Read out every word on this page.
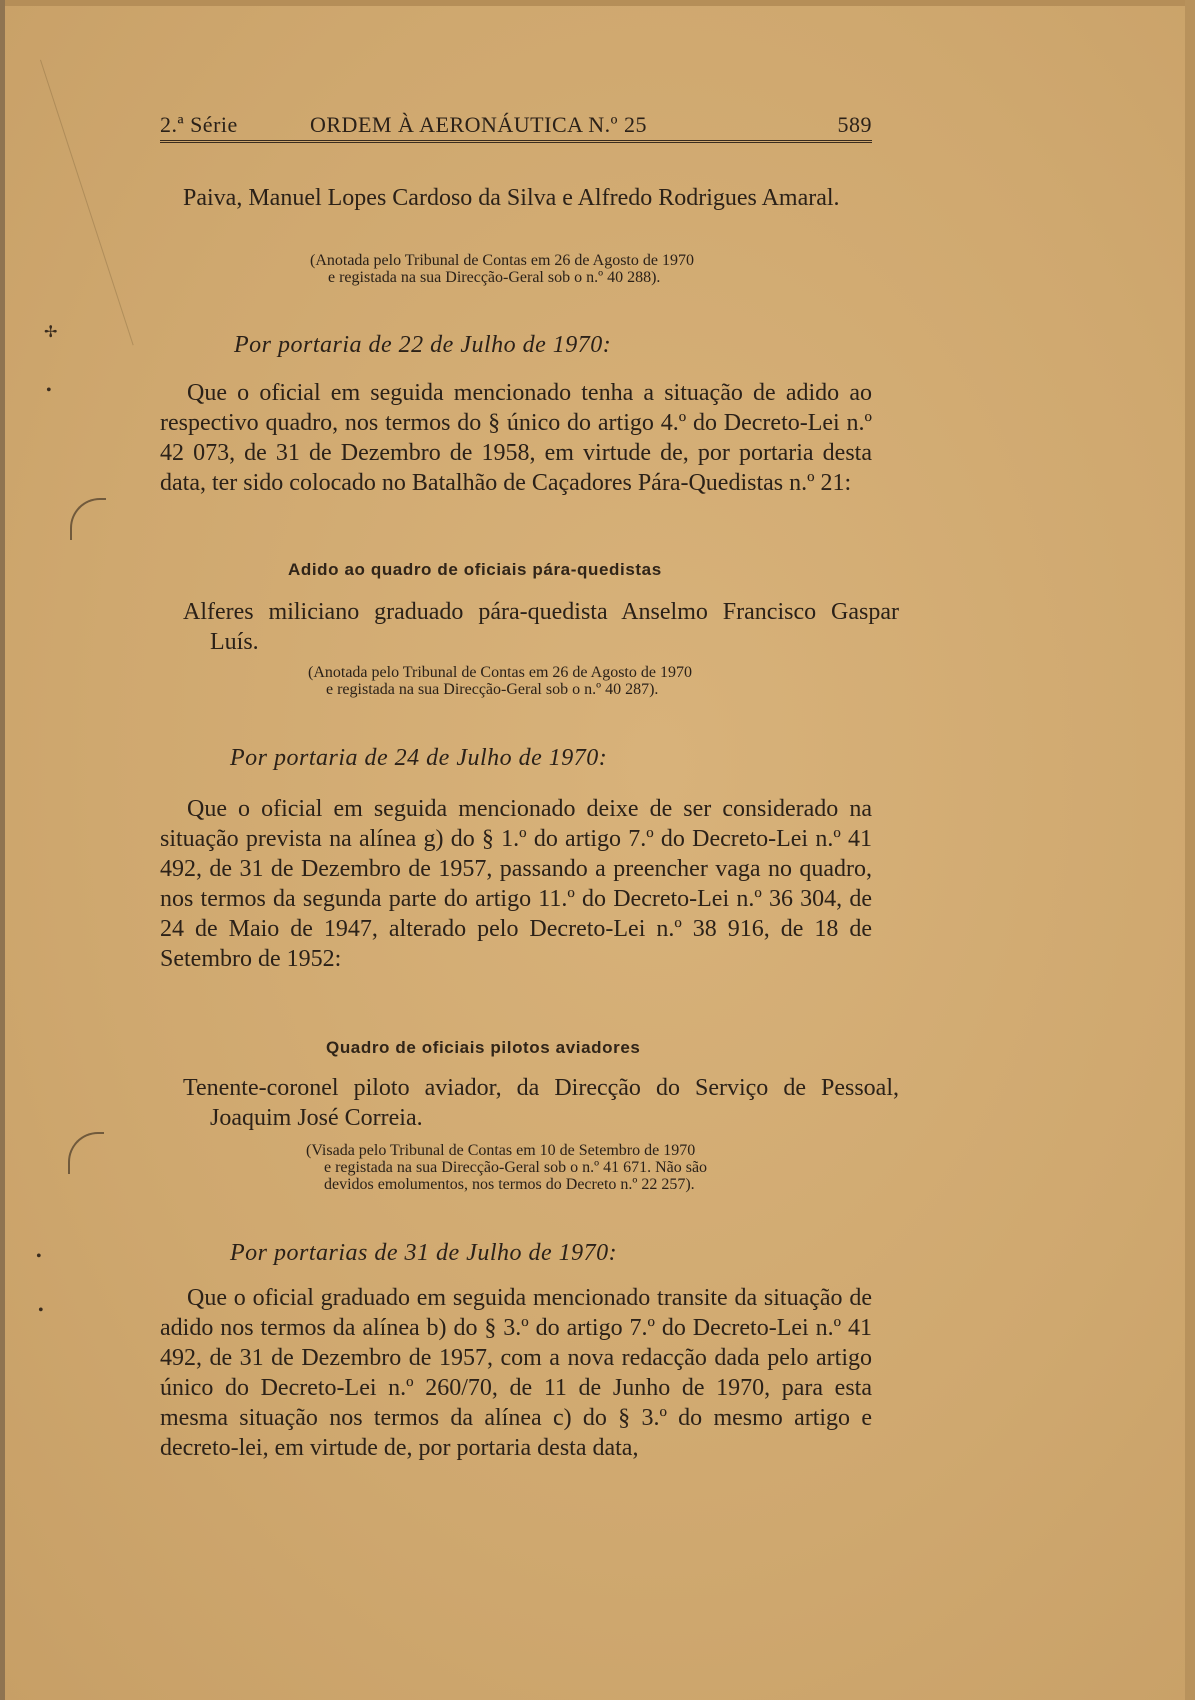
✢
•
•
•
2.ª Série	ORDEM À AERONÁUTICA N.º 25	589
Paiva, Manuel Lopes Cardoso da Silva e Alfredo Rodrigues Amaral.
(Anotada pelo Tribunal de Contas em 26 de Agosto de 1970
e registada na sua Direcção-Geral sob o n.º 40 288).
Por portaria de 22 de Julho de 1970:
Que o oficial em seguida mencionado tenha a situação de adido ao respectivo quadro, nos termos do § único do artigo 4.º do Decreto-Lei n.º 42 073, de 31 de Dezembro de 1958, em virtude de, por portaria desta data, ter sido colocado no Batalhão de Caçadores Pára-Quedistas n.º 21:
Adido ao quadro de oficiais pára-quedistas
Alferes miliciano graduado pára-quedista Anselmo Francisco Gaspar Luís.
(Anotada pelo Tribunal de Contas em 26 de Agosto de 1970
e registada na sua Direcção-Geral sob o n.º 40 287).
Por portaria de 24 de Julho de 1970:
Que o oficial em seguida mencionado deixe de ser considerado na situação prevista na alínea g) do § 1.º do artigo 7.º do Decreto-Lei n.º 41 492, de 31 de Dezembro de 1957, passando a preencher vaga no quadro, nos termos da segunda parte do artigo 11.º do Decreto-Lei n.º 36 304, de 24 de Maio de 1947, alterado pelo Decreto-Lei n.º 38 916, de 18 de Setembro de 1952:
Quadro de oficiais pilotos aviadores
Tenente-coronel piloto aviador, da Direcção do Serviço de Pessoal, Joaquim José Correia.
(Visada pelo Tribunal de Contas em 10 de Setembro de 1970
e registada na sua Direcção-Geral sob o n.º 41 671. Não são
devidos emolumentos, nos termos do Decreto n.º 22 257).
Por portarias de 31 de Julho de 1970:
Que o oficial graduado em seguida mencionado transite da situação de adido nos termos da alínea b) do § 3.º do artigo 7.º do Decreto-Lei n.º 41 492, de 31 de Dezembro de 1957, com a nova redacção dada pelo artigo único do Decreto-Lei n.º 260/70, de 11 de Junho de 1970, para esta mesma situação nos termos da alínea c) do § 3.º do mesmo artigo e decreto-lei, em virtude de, por portaria desta data,
